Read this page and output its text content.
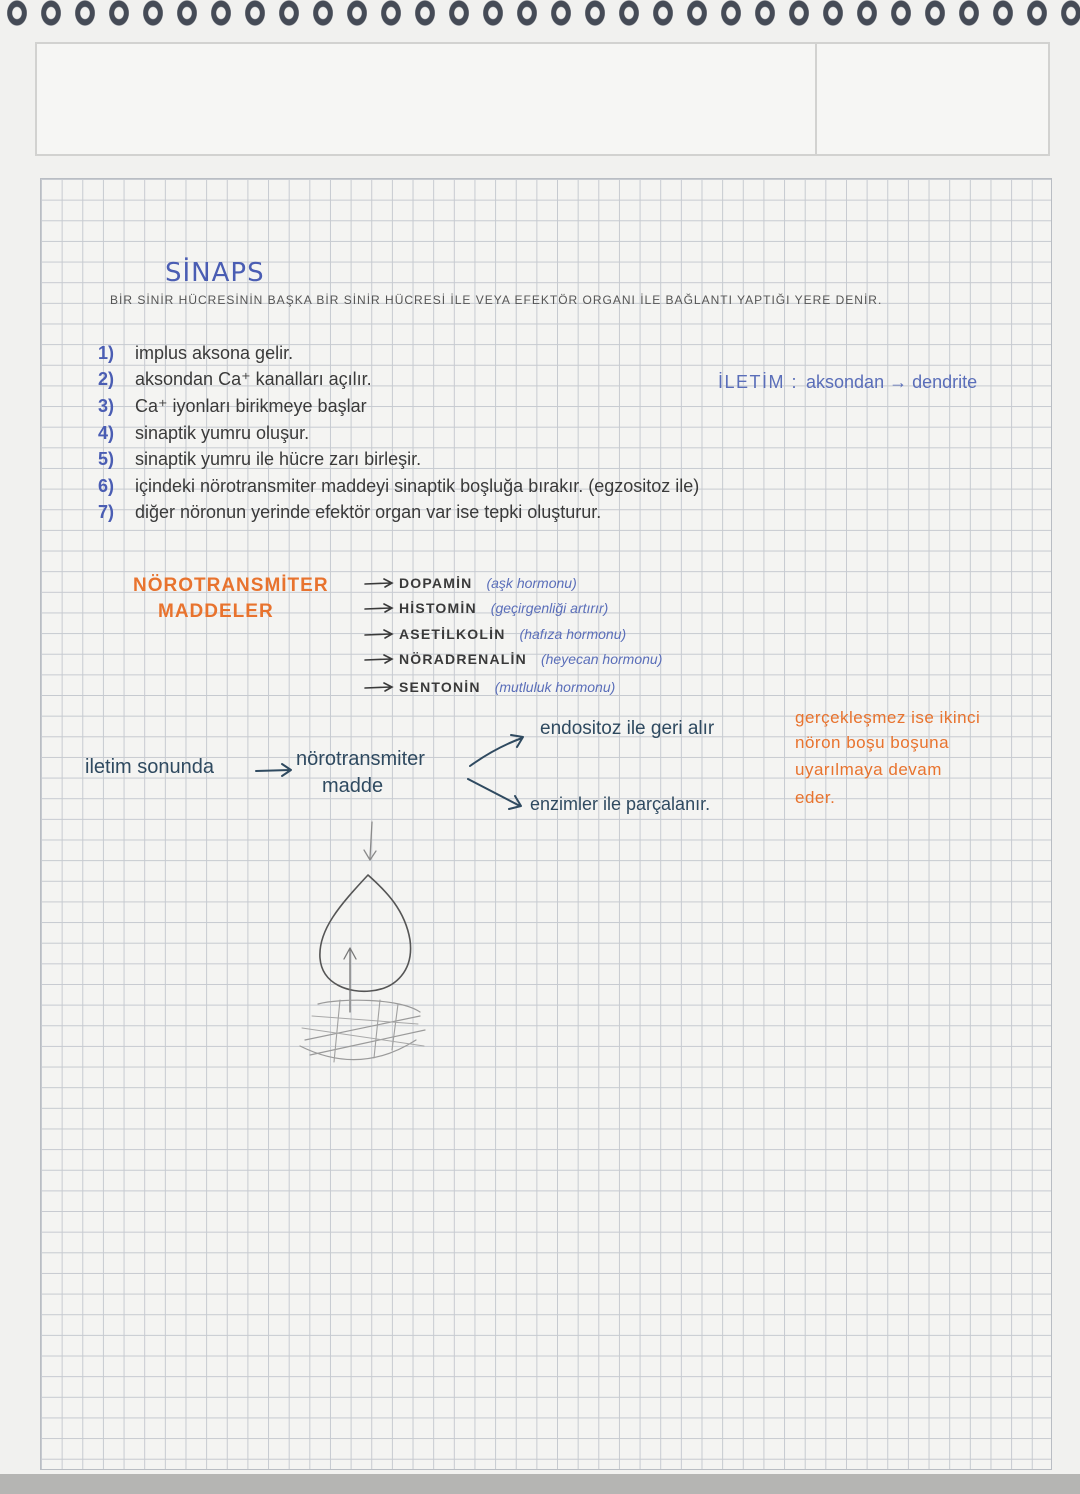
SİNAPS
BİR SİNİR HÜCRESİNİN BAŞKA BİR SİNİR HÜCRESİ İLE VEYA EFEKTÖR ORGANI İLE BAĞLANTI YAPTIĞI YERE DENİR.
1) implus aksona gelir.
2) aksondan Ca⁺ kanalları açılır.
3) Ca⁺ iyonları birikmeye başlar
4) sinaptik yumru oluşur.
5) sinaptik yumru ile hücre zarı birleşir.
6) içindeki nörotransmiter maddeyi sinaptik boşluğa bırakır. (egzositoz ile)
7) diğer nöronun yerinde efektör organ var ise tepki oluşturur.
İLETİM : aksondan → dendrite
NÖROTRANSMİTER
MADDELER
DOPAMİN (aşk hormonu)
HİSTOMİN (geçirgenliği artırır)
ASETİLKOLİN (hafıza hormonu)
NÖRADRENALİN (heyecan hormonu)
SENTONİN (mutluluk hormonu)
iletim sonunda	nörotransmiter
madde
endositoz ile geri alır
enzimler ile parçalanır.
gerçekleşmez ise ikinci
nöron boşu boşuna
uyarılmaya devam
eder.
